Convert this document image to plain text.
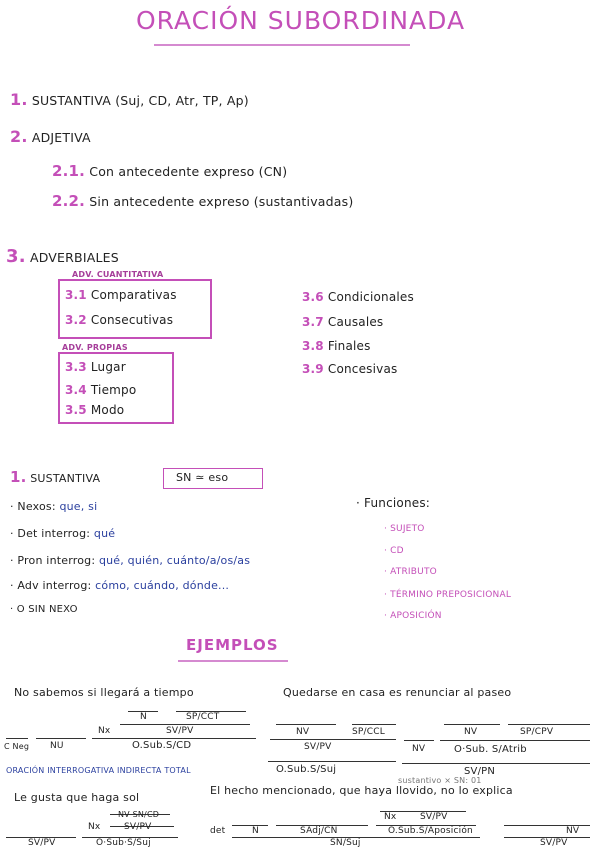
ORACIÓN SUBORDINADA
1. SUSTANTIVA (Suj, CD, Atr, TP, Ap)
2. ADJETIVA
2.1. Con antecedente expreso (CN)
2.2. Sin antecedente expreso (sustantivadas)
3. ADVERBIALES
ADV. CUANTITATIVA
3.1 Comparativas
3.2 Consecutivas
ADV. PROPIAS
3.3 Lugar
3.4 Tiempo
3.5 Modo
3.6 Condicionales
3.7 Causales
3.8 Finales
3.9 Concesivas
1. SUSTANTIVA	SN ≃ eso
· Nexos: que, si
· Det interrog: qué
· Pron interrog: qué, quién, cuánto/a/os/as
· Adv interrog: cómo, cuándo, dónde...
· O SIN NEXO
· Funciones:
· SUJETO
· CD
· ATRIBUTO
· TÉRMINO PREPOSICIONAL
· APOSICIÓN
EJEMPLOS
No sabemos si llegará a tiempo
N	SP/CCT
Nx	SV/PV
C Neg NU	O.Sub.S/CD
ORACIÓN INTERROGATIVA INDIRECTA TOTAL
Quedarse en casa es renunciar al paseo
NV	SP/CCL
SV/PV
O.Sub.S/Suj
NV	SP/CPV
NV	O·Sub. S/Atrib
SV/PN
Le gusta que haga sol
NV SN/CD
Nx	SV/PV
SV/PV	O·Sub·S/Suj
El hecho mencionado, que haya llovido, no lo explica
sustantivo × SN: 01
Nx	SV/PV
det	N	SAdj/CN	O.Sub.S/Aposición	NV
SN/Suj	SV/PV
